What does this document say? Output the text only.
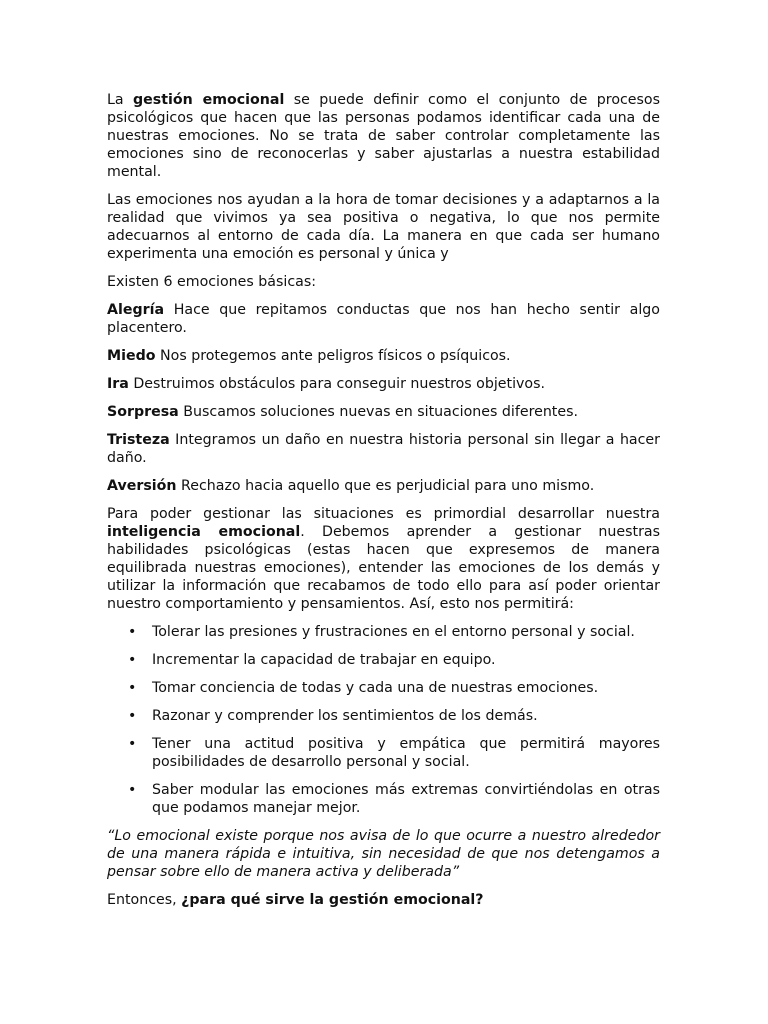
La gestión emocional se puede definir como el conjunto de procesos psicológicos que hacen que las personas podamos identificar cada una de nuestras emociones. No se trata de saber controlar completamente las emociones sino de reconocerlas y saber ajustarlas a nuestra estabilidad mental.

Las emociones nos ayudan a la hora de tomar decisiones y a adaptarnos a la realidad que vivimos ya sea positiva o negativa, lo que nos permite adecuarnos al entorno de cada día. La manera en que cada ser humano experimenta una emoción es personal y única y

Existen 6 emociones básicas:

Alegría Hace que repitamos conductas que nos han hecho sentir algo placentero.

Miedo Nos protegemos ante peligros físicos o psíquicos.

Ira Destruimos obstáculos para conseguir nuestros objetivos.

Sorpresa Buscamos soluciones nuevas en situaciones diferentes.

Tristeza Integramos un daño en nuestra historia personal sin llegar a hacer daño.

Aversión Rechazo hacia aquello que es perjudicial para uno mismo.

Para poder gestionar las situaciones es primordial desarrollar nuestra inteligencia emocional. Debemos aprender a gestionar nuestras habilidades psicológicas (estas hacen que expresemos de manera equilibrada nuestras emociones), entender las emociones de los demás y utilizar la información que recabamos de todo ello para así poder orientar nuestro comportamiento y pensamientos. Así, esto nos permitirá:

• Tolerar las presiones y frustraciones en el entorno personal y social.
• Incrementar la capacidad de trabajar en equipo.
• Tomar conciencia de todas y cada una de nuestras emociones.
• Razonar y comprender los sentimientos de los demás.
• Tener una actitud positiva y empática que permitirá mayores posibilidades de desarrollo personal y social.
• Saber modular las emociones más extremas convirtiéndolas en otras que podamos manejar mejor.

“Lo emocional existe porque nos avisa de lo que ocurre a nuestro alrededor de una manera rápida e intuitiva, sin necesidad de que nos detengamos a pensar sobre ello de manera activa y deliberada”

Entonces, ¿para qué sirve la gestión emocional?
